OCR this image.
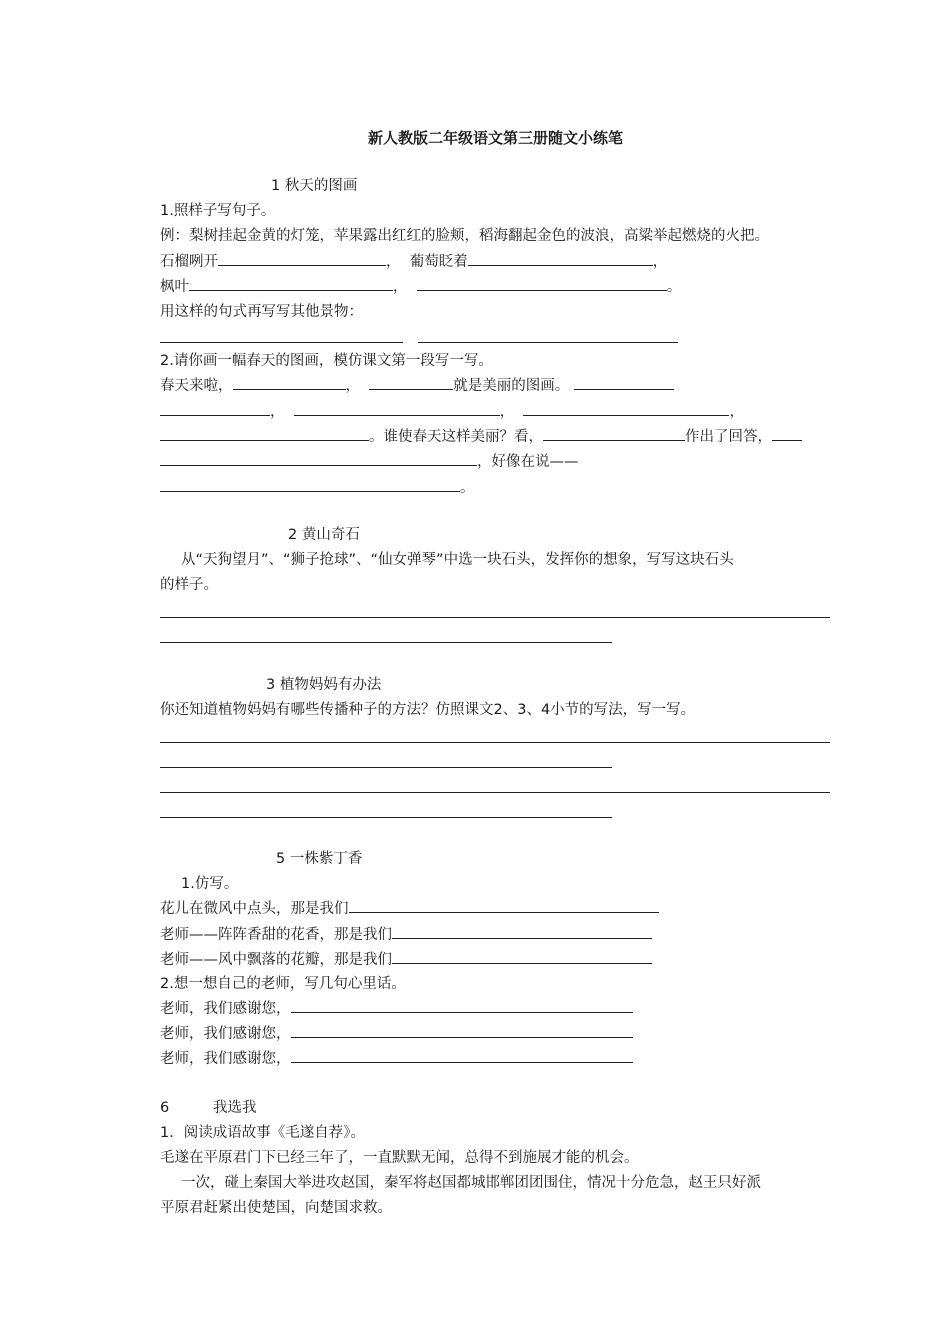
新人教版二年级语文第三册随文小练笔
1 秋天的图画
1.照样子写句子。
例：梨树挂起金黄的灯笼，苹果露出红红的脸颊，稻海翻起金色的波浪，高粱举起燃烧的火把。
石榴咧开	， 葡萄眨着	，
枫叶	，	。
用这样的句式再写写其他景物：
2.请你画一幅春天的图画，模仿课文第一段写一写。
春天来啦，	，	就是美丽的图画。
，	，	，
。谁使春天这样美丽？看，	作出了回答，
，好像在说——
。
2 黄山奇石
从“天狗望月”、“狮子抢球”、“仙女弹琴”中选一块石头，发挥你的想象，写写这块石头
的样子。
3 植物妈妈有办法
你还知道植物妈妈有哪些传播种子的方法？仿照课文2、3、4小节的写法，写一写。
5 一株紫丁香
1.仿写。
花儿在微风中点头，那是我们
老师——阵阵香甜的花香，那是我们
老师——风中飘落的花瓣，那是我们
2.想一想自己的老师，写几句心里话。
老师，我们感谢您，
老师，我们感谢您，
老师，我们感谢您，
6	我选我
1．阅读成语故事《毛遂自荐》。
毛遂在平原君门下已经三年了，一直默默无闻，总得不到施展才能的机会。
一次，碰上秦国大举进攻赵国，秦军将赵国都城邯郸团团围住，情况十分危急，赵王只好派
平原君赶紧出使楚国，向楚国求救。
